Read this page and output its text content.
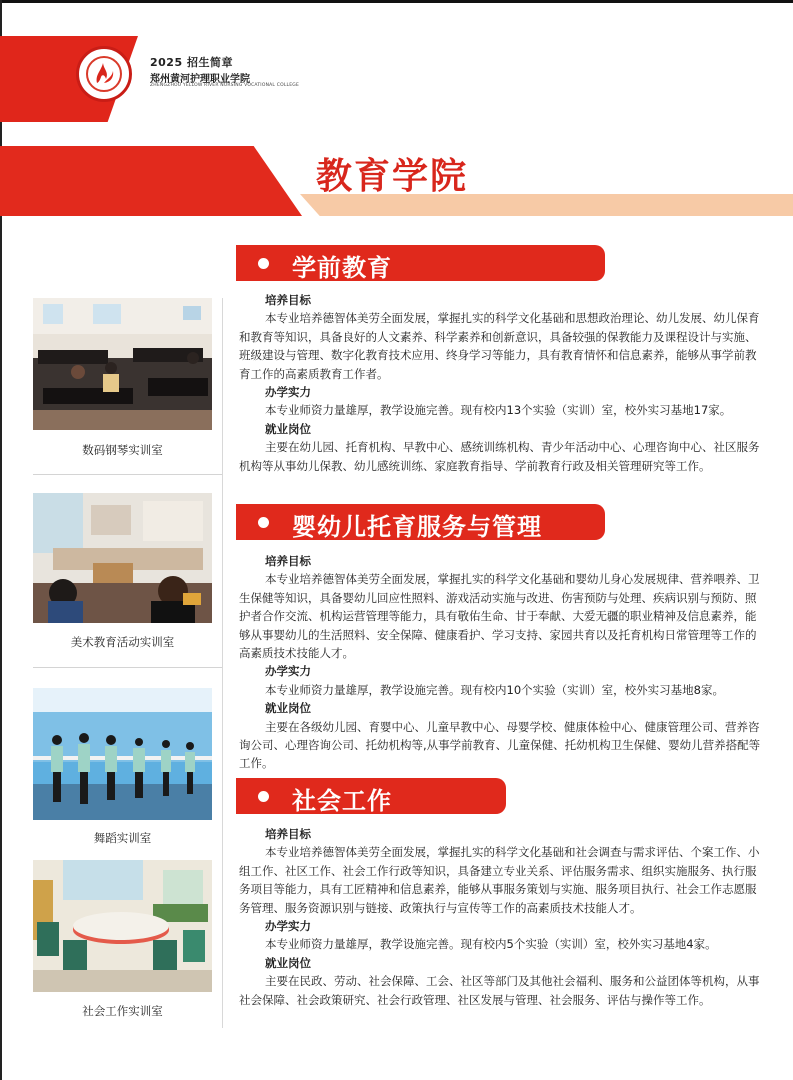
2025 招生简章
郑州黄河护理职业学院
ZHENGZHOU YELLOW RIVER NURSING VOCATIONAL COLLEGE
教育学院
数码钢琴实训室
美术教育活动实训室
舞蹈实训室
社会工作实训室
学前教育

培养目标

本专业培养德智体美劳全面发展，掌握扎实的科学文化基础和思想政治理论、幼儿发展、幼儿保育和教育等知识，具备良好的人文素养、科学素养和创新意识，具备较强的保教能力及课程设计与实施、班级建设与管理、数字化教育技术应用、终身学习等能力，具有教育情怀和信息素养，能够从事学前教育工作的高素质教育工作者。

办学实力

本专业师资力量雄厚，教学设施完善。现有校内13个实验（实训）室，校外实习基地17家。

就业岗位

主要在幼儿园、托育机构、早教中心、感统训练机构、青少年活动中心、心理咨询中心、社区服务机构等从事幼儿保教、幼儿感统训练、家庭教育指导、学前教育行政及相关管理研究等工作。

婴幼儿托育服务与管理

培养目标

本专业培养德智体美劳全面发展，掌握扎实的科学文化基础和婴幼儿身心发展规律、营养喂养、卫生保健等知识，具备婴幼儿回应性照料、游戏活动实施与改进、伤害预防与处理、疾病识别与预防、照护者合作交流、机构运营管理等能力，具有敬佑生命、甘于奉献、大爱无疆的职业精神及信息素养，能够从事婴幼儿的生活照料、安全保障、健康看护、学习支持、家园共育以及托育机构日常管理等工作的高素质技术技能人才。

办学实力

本专业师资力量雄厚，教学设施完善。现有校内10个实验（实训）室，校外实习基地8家。

就业岗位

主要在各级幼儿园、育婴中心、儿童早教中心、母婴学校、健康体检中心、健康管理公司、营养咨询公司、心理咨询公司、托幼机构等,从事学前教育、儿童保健、托幼机构卫生保健、婴幼儿营养搭配等工作。

社会工作

培养目标

本专业培养德智体美劳全面发展，掌握扎实的科学文化基础和社会调查与需求评估、个案工作、小组工作、社区工作、社会工作行政等知识，具备建立专业关系、评估服务需求、组织实施服务、执行服务项目等能力，具有工匠精神和信息素养，能够从事服务策划与实施、服务项目执行、社会工作志愿服务管理、服务资源识别与链接、政策执行与宣传等工作的高素质技术技能人才。

办学实力

本专业师资力量雄厚，教学设施完善。现有校内5个实验（实训）室，校外实习基地4家。

就业岗位

主要在民政、劳动、社会保障、工会、社区等部门及其他社会福利、服务和公益团体等机构，从事社会保障、社会政策研究、社会行政管理、社区发展与管理、社会服务、评估与操作等工作。
